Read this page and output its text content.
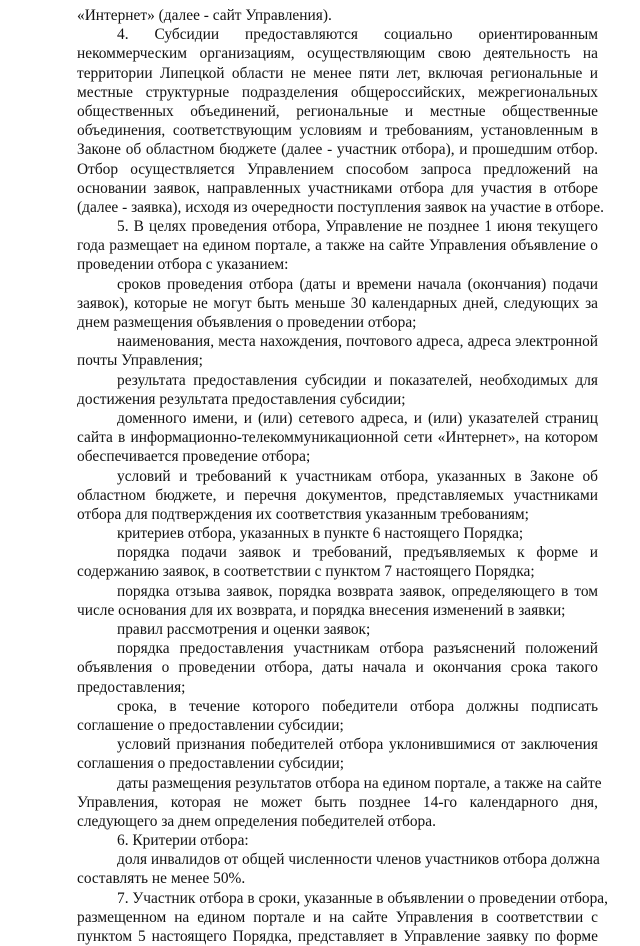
«Интернет» (далее - сайт Управления).
4. Субсидии предоставляются социально ориентированным
некоммерческим организациям, осуществляющим свою деятельность на
территории Липецкой области не менее пяти лет, включая региональные и
местные структурные подразделения общероссийских, межрегиональных
общественных объединений, региональные и местные общественные
объединения, соответствующим условиям и требованиям, установленным в
Законе об областном бюджете (далее - участник отбора), и прошедшим отбор.
Отбор осуществляется Управлением способом запроса предложений на
основании заявок, направленных участниками отбора для участия в отборе
(далее - заявка), исходя из очередности поступления заявок на участие в отборе.
5. В целях проведения отбора, Управление не позднее 1 июня текущего
года размещает на едином портале, а также на сайте Управления объявление о
проведении отбора с указанием:
сроков проведения отбора (даты и времени начала (окончания) подачи
заявок), которые не могут быть меньше 30 календарных дней, следующих за
днем размещения объявления о проведении отбора;
наименования, места нахождения, почтового адреса, адреса электронной
почты Управления;
результата предоставления субсидии и показателей, необходимых для
достижения результата предоставления субсидии;
доменного имени, и (или) сетевого адреса, и (или) указателей страниц
сайта в информационно-телекоммуникационной сети «Интернет», на котором
обеспечивается проведение отбора;
условий и требований к участникам отбора, указанных в Законе об
областном бюджете, и перечня документов, представляемых участниками
отбора для подтверждения их соответствия указанным требованиям;
критериев отбора, указанных в пункте 6 настоящего Порядка;
порядка подачи заявок и требований, предъявляемых к форме и
содержанию заявок, в соответствии с пунктом 7 настоящего Порядка;
порядка отзыва заявок, порядка возврата заявок, определяющего в том
числе основания для их возврата, и порядка внесения изменений в заявки;
правил рассмотрения и оценки заявок;
порядка предоставления участникам отбора разъяснений положений
объявления о проведении отбора, даты начала и окончания срока такого
предоставления;
срока, в течение которого победители отбора должны подписать
соглашение о предоставлении субсидии;
условий признания победителей отбора уклонившимися от заключения
соглашения о предоставлении субсидии;
даты размещения результатов отбора на едином портале, а также на сайте
Управления, которая не может быть позднее 14-го календарного дня,
следующего за днем определения победителей отбора.
6. Критерии отбора:
доля инвалидов от общей численности членов участников отбора должна
составлять не менее 50%.
7. Участник отбора в сроки, указанные в объявлении о проведении отбора,
размещенном на едином портале и на сайте Управления в соответствии с
пунктом 5 настоящего Порядка, представляет в Управление заявку по форме
